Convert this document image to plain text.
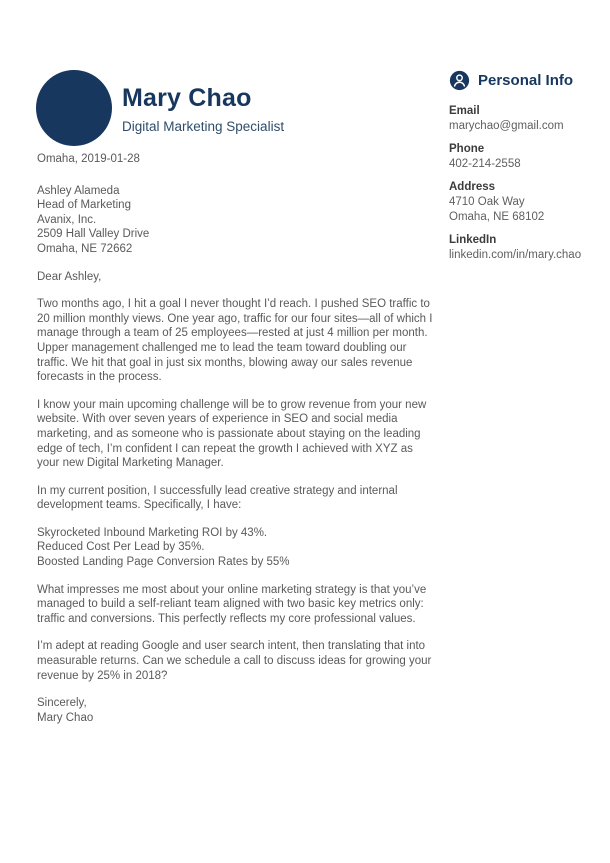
Mary Chao
Digital Marketing Specialist
Personal Info
Email
marychao@gmail.com
Phone
402-214-2558
Address
4710 Oak Way
Omaha, NE 68102
LinkedIn
linkedin.com/in/mary.chao
Omaha, 2019-01-28
Ashley Alameda
Head of Marketing
Avanix, Inc.
2509 Hall Valley Drive
Omaha, NE 72662

Dear Ashley,

Two months ago, I hit a goal I never thought I’d reach. I pushed SEO traffic to 20 million monthly views. One year ago, traffic for our four sites—all of which I manage through a team of 25 employees—rested at just 4 million per month. Upper management challenged me to lead the team toward doubling our traffic. We hit that goal in just six months, blowing away our sales revenue forecasts in the process.

I know your main upcoming challenge will be to grow revenue from your new website. With over seven years of experience in SEO and social media marketing, and as someone who is passionate about staying on the leading edge of tech, I’m confident I can repeat the growth I achieved with XYZ as your new Digital Marketing Manager.

In my current position, I successfully lead creative strategy and internal development teams. Specifically, I have:

Skyrocketed Inbound Marketing ROI by 43%.
Reduced Cost Per Lead by 35%.
Boosted Landing Page Conversion Rates by 55%

What impresses me most about your online marketing strategy is that you’ve managed to build a self-reliant team aligned with two basic key metrics only: traffic and conversions. This perfectly reflects my core professional values.

I’m adept at reading Google and user search intent, then translating that into measurable returns. Can we schedule a call to discuss ideas for growing your revenue by 25% in 2018?

Sincerely,
Mary Chao
